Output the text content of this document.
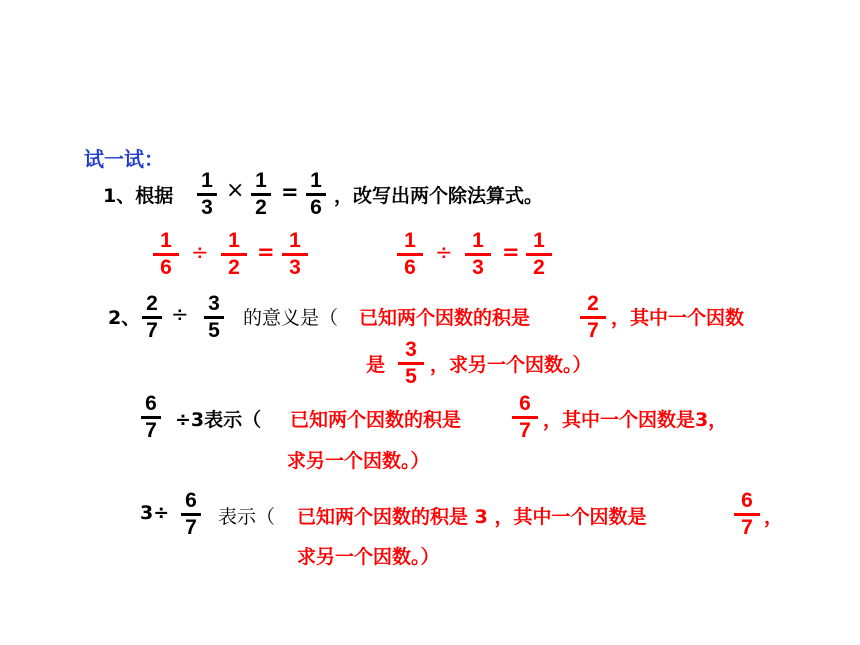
试一试：
1、根据
1
3
× 1
2
= 1
6 ，改写出两个除法算式。
1
6
÷ 1
2
= 1
3
1
6
÷ 1
3
= 1
2
2、
2
7
÷ 3
5
的意义是（ 已知两个因数的积是
2
7
，其中一个因数
是
3
5 ，求另一个因数。）
6
7 ÷3表示（ 已知两个因数的积是
6
7 ，其中一个因数是3，
求另一个因数。）
3÷
6
7 表示（ 已知两个因数的积是 3 ，其中一个因数是
6
7 ，
求另一个因数。）
